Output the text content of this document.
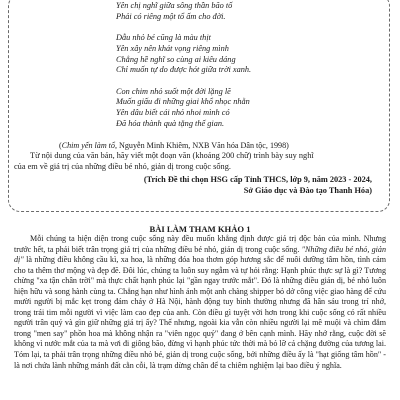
Yên chị nghĩ giữa sông thần bão tố
Phải có riêng một tổ ấm cho đời.
Dẫu nhỏ bé cũng là màu thịt
Yên xây nên khát vọng riêng mình
Chẳng hề nghĩ so cùng ai kiêu dáng
Chỉ muốn tự do được hót giữa trời xanh.
Con chim nhỏ suốt một đời lặng lẽ
Muốn giấu đi những giai khổ nhọc nhằn
Yên dâu biết cái nhỏ nhoi mình có
Đã hóa thành quà tặng thế gian.
(Chim yến làm tổ, Nguyễn Minh Khiêm, NXB Văn hóa Dân tộc, 1998)
Từ nội dung của văn bản, hãy viết một đoạn văn (khoảng 200 chữ) trình bày suy nghĩ
của em về giá trị của những điều bé nhỏ, giản dị trong cuộc sống.
(Trích Đề thi chọn HSG cấp Tỉnh THCS, lớp 9, năm 2023 - 2024,
Sở Giáo dục và Đào tạo Thanh Hóa)
BÀI LÀM THAM KHẢO 1
Mỗi chúng ta hiện diện trong cuộc sống này đều muốn khẳng định được giá trị độc bản của mình. Nhưng trước hết, ta phải biết trân trọng giá trị của những điều bé nhỏ, giản dị trong cuộc sống. "Những điều bé nhỏ, giản dị" là những điều không cầu kì, xa hoa, là những đóa hoa thơm góp hương sắc để nuôi dưỡng tâm hồn, tình cảm cho ta thêm thơ mộng và đẹp đẽ. Đôi lúc, chúng ta luôn suy ngẫm và tự hỏi rằng: Hạnh phúc thực sự là gì? Tương chừng "xa tận chân trời" mà thực chất hạnh phúc lại "gần ngay trước mắt". Đó là những điều giản dị, bé nhỏ luôn hiện hữu và song hành cùng ta. Chẳng hạn như hình ảnh một anh chàng shipper bỏ dở công việc giao hàng để cứu mười người bị mắc kẹt trong đám cháy ở Hà Nội, hành động tuy bình thường nhưng đã hân sáu trong trí nhớ, trong trái tim mỗi người vì việc làm cao đẹp của anh. Còn điều gì tuyệt vời hơn trong khi cuộc sống có rất nhiều người trân quý và gìn giữ những giá trị ấy? Thế nhưng, ngoài kia vẫn còn nhiều người lại mê muội và chìm đắm trong "men say" phồn hoa mà không nhận ra "viên ngọc quý" đang ở bên cạnh mình. Hãy nhớ rằng, cuộc đời sẽ không vì nước mắt của ta mà vơi đi giông bão, đừng vì hạnh phúc tức thời mà bỏ lỡ cả chặng đường của tương lai. Tóm lại, ta phải trân trọng những điều nhỏ bé, giản dị trong cuộc sống, bởi những điều ấy là "hạt giống tâm hồn" - là nơi chứa lành những mảnh đất cằn cỗi, là trạm dừng chân để ta chiêm nghiệm lại bao điều ý nghĩa.
